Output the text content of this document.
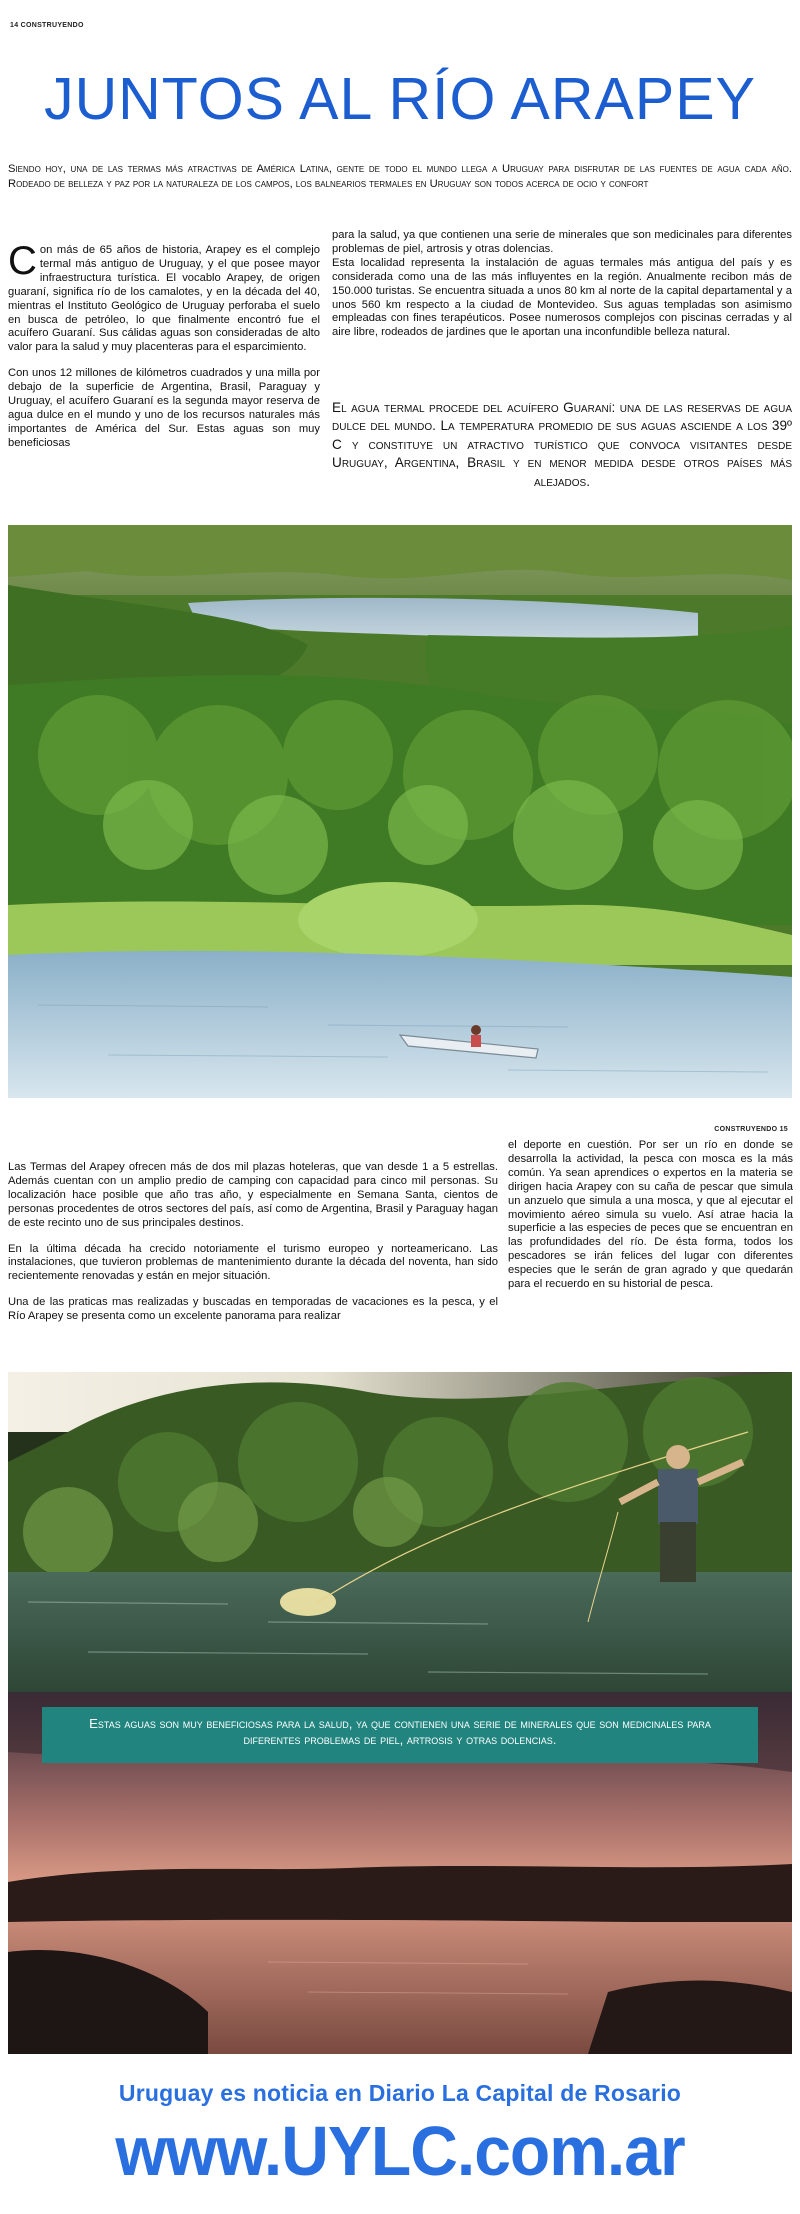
14 CONSTRUYENDO
JUNTOS AL RÍO ARAPEY
Siendo hoy, una de las termas más atractivas de América Latina, gente de todo el mundo llega a Uruguay para disfrutar de las fuentes de agua cada año. Rodeado de belleza y paz por la naturaleza de los campos, los balnearios termales en Uruguay son todos acerca de ocio y confort

Con más de 65 años de historia, Arapey es el complejo termal más antiguo de Uruguay, y el que posee mayor infraestructura turística. El vocablo Arapey, de origen guaraní, significa río de los camalotes, y en la década del 40, mientras el Instituto Geológico de Uruguay perforaba el suelo en busca de petróleo, lo que finalmente encontró fue el acuífero Guaraní. Sus cálidas aguas son consideradas de alto valor para la salud y muy placenteras para el esparcimiento.

Con unos 12 millones de kilómetros cuadrados y una milla por debajo de la superficie de Argentina, Brasil, Paraguay y Uruguay, el acuífero Guaraní es la segunda mayor reserva de agua dulce en el mundo y uno de los recursos naturales más importantes de América del Sur. Estas aguas son muy beneficiosas

para la salud, ya que contienen una serie de minerales que son medicinales para diferentes problemas de piel, artrosis y otras dolencias.

Esta localidad representa la instalación de aguas termales más antigua del país y es considerada como una de las más influyentes en la región. Anualmente recibon más de 150.000 turistas. Se encuentra situada a unos 80 km al norte de la capital departamental y a unos 560 km respecto a la ciudad de Montevideo. Sus aguas templadas son asimismo empleadas con fines terapéuticos. Posee numerosos complejos con piscinas cerradas y al aire libre, rodeados de jardines que le aportan una inconfundible belleza natural.

El agua termal procede del acuífero Guaraní: una de las reservas de agua dulce del mundo. La temperatura promedio de sus aguas asciende a los 39º C y constituye un atractivo turístico que convoca visitantes desde Uruguay, Argentina, Brasil y en menor medida desde otros países más alejados.
CONSTRUYENDO 15

Las Termas del Arapey ofrecen más de dos mil plazas hoteleras, que van desde 1 a 5 estrellas. Además cuentan con un amplio predio de camping con capacidad para cinco mil personas. Su localización hace posible que año tras año, y especialmente en Semana Santa, cientos de personas procedentes de otros sectores del país, así como de Argentina, Brasil y Paraguay hagan de este recinto uno de sus principales destinos.

En la última década ha crecido notoriamente el turismo europeo y norteamericano. Las instalaciones, que tuvieron problemas de mantenimiento durante la década del noventa, han sido recientemente renovadas y están en mejor situación.

Una de las praticas mas realizadas y buscadas en temporadas de vacaciones es la pesca, y el Río Arapey se presenta como un excelente panorama para realizar

el deporte en cuestión. Por ser un río en donde se desarrolla la actividad, la pesca con mosca es la más común. Ya sean aprendices o expertos en la materia se dirigen hacia Arapey con su caña de pescar que simula un anzuelo que simula a una mosca, y que al ejecutar el movimiento aéreo simula su vuelo. Así atrae hacia la superficie a las especies de peces que se encuentran en las profundidades del río. De ésta forma, todos los pescadores se irán felices del lugar con diferentes especies que le serán de gran agrado y que quedarán para el recuerdo en su historial de pesca.

Estas aguas son muy beneficiosas para la salud, ya que contienen una serie de minerales que son medicinales para diferentes problemas de piel, artrosis y otras dolencias.
Uruguay es noticia en Diario La Capital de Rosario
www.UYLC.com.ar
